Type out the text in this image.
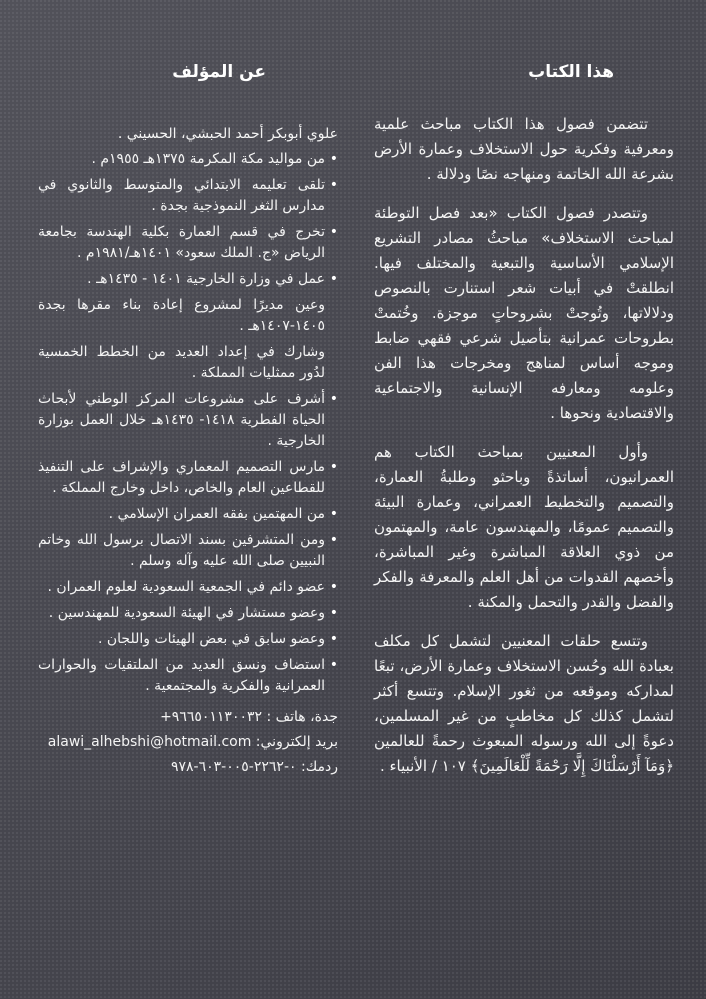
هذا الكتاب
عن المؤلف

تتضمن فصول هذا الكتاب مباحث علمية ومعرفية وفكرية حول الاستخلاف وعمارة الأرض بشرعة الله الخاتمة ومنهاجه نصًا ودلالة .

وتتصدر فصول الكتاب «بعد فصل التوطئة لمباحث الاستخلاف» مباحثُ مصادر التشريع الإسلامي الأساسية والتبعية والمختلف فيها. انطلقتْ في أبيات شعر استنارت بالنصوص ودلالاتها، وتُوجتْ بشروحاتٍ موجزة. وخُتمتْ بطروحات عمرانية بتأصيل شرعي فقهي ضابط وموجه أساس لمناهج ومخرجات هذا الفن وعلومه ومعارفه الإنسانية والاجتماعية والاقتصادية ونحوها .

وأول المعنيين بمباحث الكتاب هم العمرانيون، أساتذةً وباحثو وطلبةُ العمارة، والتصميم والتخطيط العمراني، وعمارة البيئة والتصميم عمومًا، والمهندسون عامة، والمهتمون من ذوي العلاقة المباشرة وغير المباشرة، وأخصهم القدوات من أهل العلم والمعرفة والفكر والفضل والقدر والتحمل والمكنة .

وتتسع حلقات المعنيين لتشمل كل مكلف بعبادة الله وحُسن الاستخلاف وعمارة الأرض، تبعًا لمداركه وموقعه من ثغور الإسلام. وتتسع أكثر لتشمل كذلك كل مخاطبٍ من غير المسلمين، دعوةً إلى الله ورسوله المبعوث رحمةً للعالمين ﴿وَمَآ أَرْسَلْنَاكَ إِلَّا رَحْمَةً لِّلْعَالَمِينَ﴾ ١٠٧ / الأنبياء .

علوي أبوبكر أحمد الحبشي، الحسيني .

• من مواليد مكة المكرمة ١٣٧٥هـ ١٩٥٥م .
• تلقى تعليمه الابتدائي والمتوسط والثانوي في مدارس الثغر النموذجية بجدة .
• تخرج في قسم العمارة بكلية الهندسة بجامعة الرياض «ج. الملك سعود» ١٤٠١هـ/١٩٨١م .
• عمل في وزارة الخارجية ١٤٠١ - ١٤٣٥هـ .
وعين مديرًا لمشروع إعادة بناء مقرها بجدة ١٤٠٥-١٤٠٧هـ .
وشارك في إعداد العديد من الخطط الخمسية لدُور ممثليات المملكة .
• أشرف على مشروعات المركز الوطني لأبحاث الحياة الفطرية ١٤١٨- ١٤٣٥هـ خلال العمل بوزارة الخارجية .
• مارس التصميم المعماري والإشراف على التنفيذ للقطاعين العام والخاص، داخل وخارج المملكة .
• من المهتمين بفقه العمران الإسلامي .
• ومن المتشرفين بسند الاتصال برسول الله وخاتم النبيين صلى الله عليه وآله وسلم .
• عضو دائم في الجمعية السعودية لعلوم العمران .
• وعضو مستشار في الهيئة السعودية للمهندسين .
• وعضو سابق في بعض الهيئات واللجان .
• استضاف ونسق العديد من الملتقيات والحوارات العمرانية والفكرية والمجتمعية .

جدة، هاتف : +٩٦٦٥٠١١٣٠٠٣٢

بريد إلكتروني: alawi_alhebshi@hotmail.com

ردمك: ٠-٢٢٦٢-٠٠٥-٦٠٣-٩٧٨
